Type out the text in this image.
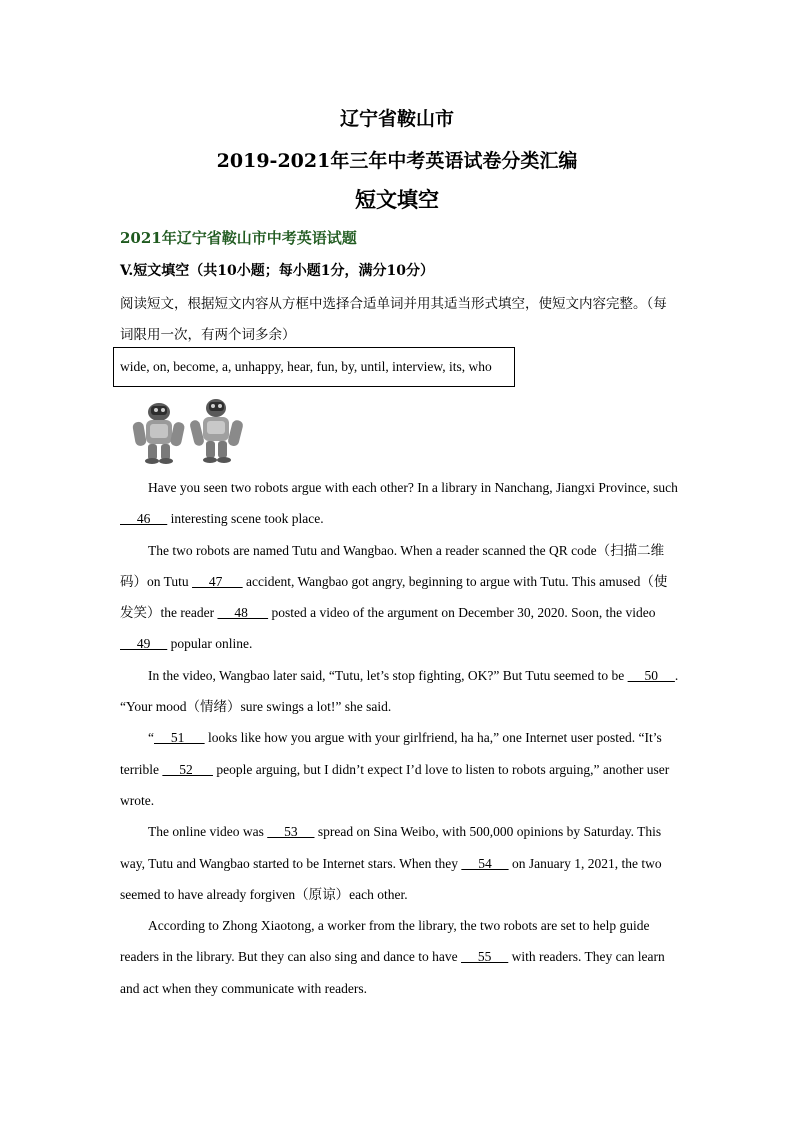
辽宁省鞍山市
2019-2021年三年中考英语试卷分类汇编
短文填空
2021年辽宁省鞍山市中考英语试题
V.短文填空（共10小题；每小题1分，满分10分）
阅读短文，根据短文内容从方框中选择合适单词并用其适当形式填空，使短文内容完整。（每词限用一次，有两个词多余）
wide, on, become, a, unhappy, hear, fun, by, until, interview, its, who

Have you seen two robots argue with each other? In a library in Nanchang, Jiangxi Province, such      46      interesting scene took place.

The two robots are named Tutu and Wangbao. When a reader scanned the QR code（扫描二维码）on Tutu      47       accident, Wangbao got angry, beginning to argue with Tutu. This amused（使发笑）the reader      48       posted a video of the argument on December 30, 2020. Soon, the video      49      popular online.

In the video, Wangbao later said, “Tutu, let’s stop fighting, OK?” But Tutu seemed to be      50     . “Your mood（情绪）sure swings a lot!” she said.

“     51       looks like how you argue with your girlfriend, ha ha,” one Internet user posted. “It’s terrible      52       people arguing, but I didn’t expect I’d love to listen to robots arguing,” another user wrote.

The online video was      53      spread on Sina Weibo, with 500,000 opinions by Saturday. This way, Tutu and Wangbao started to be Internet stars. When they      54      on January 1, 2021, the two seemed to have already forgiven（原谅）each other.

According to Zhong Xiaotong, a worker from the library, the two robots are set to help guide readers in the library. But they can also sing and dance to have      55      with readers. They can learn and act when they communicate with readers.
